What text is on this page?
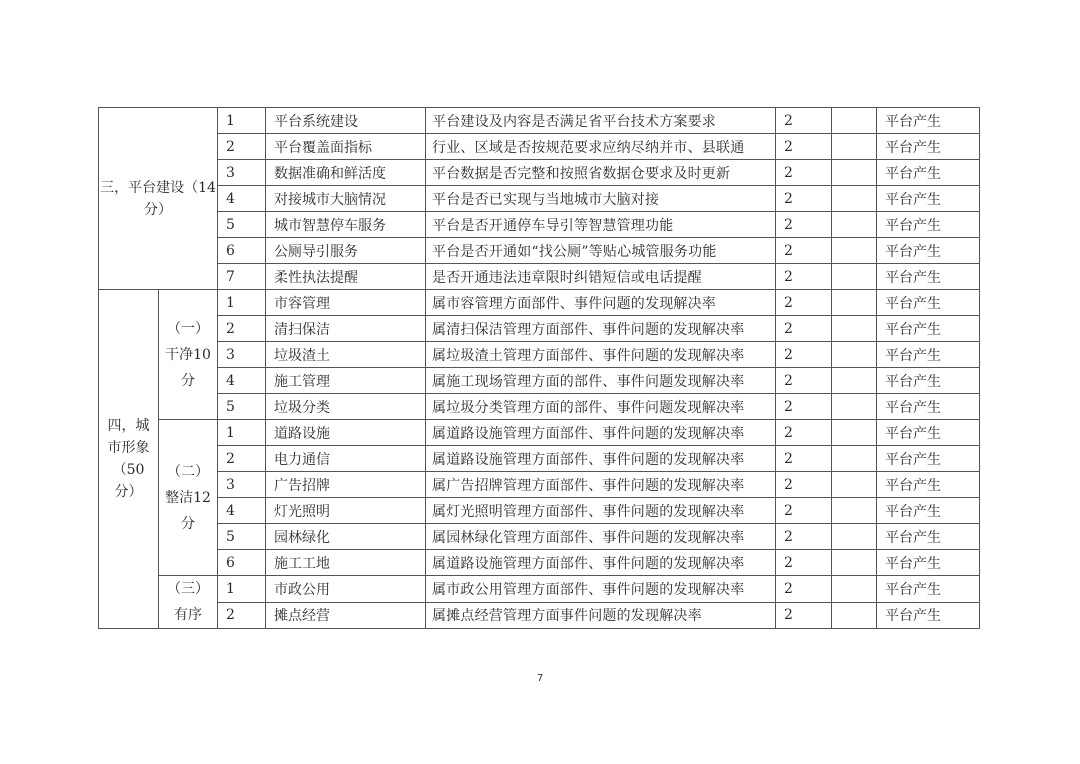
三，平台建设（14分）		1	平台系统建设	平台建设及内容是否满足省平台技术方案要求	2		平台产生
		2	平台覆盖面指标	行业、区域是否按规范要求应纳尽纳并市、县联通	2		平台产生
		3	数据准确和鲜活度	平台数据是否完整和按照省数据仓要求及时更新	2		平台产生
		4	对接城市大脑情况	平台是否已实现与当地城市大脑对接	2		平台产生
		5	城市智慧停车服务	平台是否开通停车导引等智慧管理功能	2		平台产生
		6	公厕导引服务	平台是否开通如“找公厕”等贴心城管服务功能	2		平台产生
		7	柔性执法提醒	是否开通违法违章限时纠错短信或电话提醒	2		平台产生
四，城市形象（50分）	（一）干净10分	1	市容管理	属市容管理方面部件、事件问题的发现解决率	2		平台产生
		2	清扫保洁	属清扫保洁管理方面部件、事件问题的发现解决率	2		平台产生
		3	垃圾渣土	属垃圾渣土管理方面部件、事件问题的发现解决率	2		平台产生
		4	施工管理	属施工现场管理方面的部件、事件问题发现解决率	2		平台产生
		5	垃圾分类	属垃圾分类管理方面的部件、事件问题发现解决率	2		平台产生
	（二）整洁12分	1	道路设施	属道路设施管理方面部件、事件问题的发现解决率	2		平台产生
		2	电力通信	属道路设施管理方面部件、事件问题的发现解决率	2		平台产生
		3	广告招牌	属广告招牌管理方面部件、事件问题的发现解决率	2		平台产生
		4	灯光照明	属灯光照明管理方面部件、事件问题的发现解决率	2		平台产生
		5	园林绿化	属园林绿化管理方面部件、事件问题的发现解决率	2		平台产生
		6	施工工地	属道路设施管理方面部件、事件问题的发现解决率	2		平台产生
	（三）有序	1	市政公用	属市政公用管理方面部件、事件问题的发现解决率	2		平台产生
		2	摊点经营	属摊点经营管理方面事件问题的发现解决率	2		平台产生
7
